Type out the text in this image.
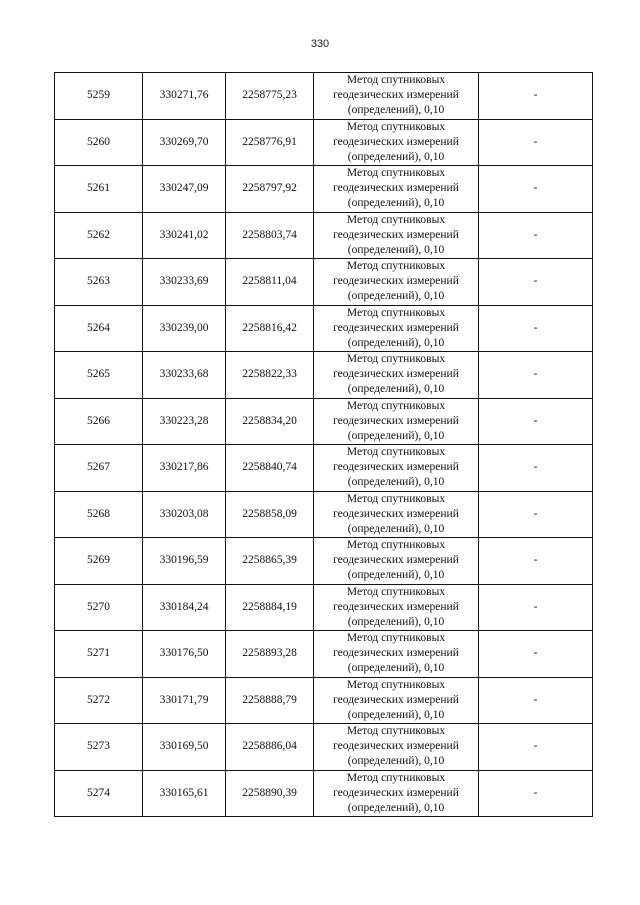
330
5259	330271,76	2258775,23	Метод спутниковых
геодезических измерений
(определений), 0,10	-
5260	330269,70	2258776,91	Метод спутниковых
геодезических измерений
(определений), 0,10	-
5261	330247,09	2258797,92	Метод спутниковых
геодезических измерений
(определений), 0,10	-
5262	330241,02	2258803,74	Метод спутниковых
геодезических измерений
(определений), 0,10	-
5263	330233,69	2258811,04	Метод спутниковых
геодезических измерений
(определений), 0,10	-
5264	330239,00	2258816,42	Метод спутниковых
геодезических измерений
(определений), 0,10	-
5265	330233,68	2258822,33	Метод спутниковых
геодезических измерений
(определений), 0,10	-
5266	330223,28	2258834,20	Метод спутниковых
геодезических измерений
(определений), 0,10	-
5267	330217,86	2258840,74	Метод спутниковых
геодезических измерений
(определений), 0,10	-
5268	330203,08	2258858,09	Метод спутниковых
геодезических измерений
(определений), 0,10	-
5269	330196,59	2258865,39	Метод спутниковых
геодезических измерений
(определений), 0,10	-
5270	330184,24	2258884,19	Метод спутниковых
геодезических измерений
(определений), 0,10	-
5271	330176,50	2258893,28	Метод спутниковых
геодезических измерений
(определений), 0,10	-
5272	330171,79	2258888,79	Метод спутниковых
геодезических измерений
(определений), 0,10	-
5273	330169,50	2258886,04	Метод спутниковых
геодезических измерений
(определений), 0,10	-
5274	330165,61	2258890,39	Метод спутниковых
геодезических измерений
(определений), 0,10	-
